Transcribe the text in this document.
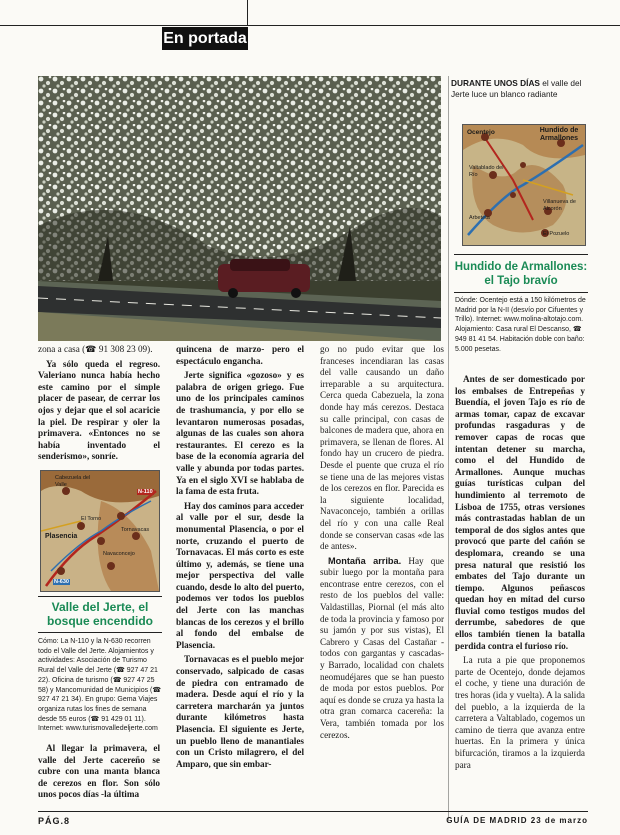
En portada
DURANTE UNOS DÍAS el valle del Jerte luce un blanco radiante
Ocentejo	Hundido de Armallones
Valtablado del Río
Arbeteta
Villanueva de Alcorón
El Pozuelo
Hundido de Armallones:
el Tajo bravío
Dónde: Ocentejo está a 150 kilómetros de Madrid por la N-II (desvío por Cifuentes y Trillo). Internet: www.molina-altotajo.com. Alojamiento: Casa rural El Descanso, ☎ 949 81 41 54. Habitación doble con baño: 5.000 pesetas.

zona a casa (☎ 91 308 23 09).

Ya sólo queda el regreso. Valeriano nunca había hecho este camino por el simple placer de pasear, de cerrar los ojos y dejar que el sol acaricie la piel. De respirar y oler la primavera. «Entonces no se había inventado el senderismo», sonríe.

Cabezuela del Valle
El Torno
Plasencia
Navaconcejo
Tornavacas
N-110
N-630
Valle del Jerte, el
bosque encendido
Cómo: La N-110 y la N-630 recorren todo el Valle del Jerte. Alojamientos y actividades: Asociación de Turismo Rural del Valle del Jerte (☎ 927 47 21 22). Oficina de turismo (☎ 927 47 25 58) y Mancomunidad de Municipios (☎ 927 47 21 34). En grupo: Gema Viajes organiza rutas los fines de semana desde 55 euros (☎ 91 429 01 11). Internet: www.turismovalledeljerte.com

Al llegar la primavera, el valle del Jerte cacereño se cubre con una manta blanca de cerezos en flor. Son sólo unos pocos días -la última

quincena de marzo- pero el espectáculo engancha.

Jerte significa «gozoso» y es palabra de origen griego. Fue uno de los principales caminos de trashumancia, y por ello se levantaron numerosas posadas, algunas de las cuales son ahora restaurantes. El cerezo es la base de la economía agraria del valle y abunda por todas partes. Ya en el siglo XVI se hablaba de la fama de esta fruta.

Hay dos caminos para acceder al valle por el sur, desde la monumental Plasencia, o por el norte, cruzando el puerto de Tornavacas. El más corto es este último y, además, se tiene una mejor perspectiva del valle cuando, desde lo alto del puerto, podemos ver todos los pueblos del Jerte con las manchas blancas de los cerezos y el brillo al fondo del embalse de Plasencia.

Tornavacas es el pueblo mejor conservado, salpicado de casas de piedra con entramado de madera. Desde aquí el río y la carretera marcharán ya juntos durante kilómetros hasta Plasencia. El siguiente es Jerte, un pueblo lleno de manantiales con un Cristo milagrero, el del Amparo, que sin embar-

go no pudo evitar que los franceses incendiaran las casas del valle causando un daño irreparable a su arquitectura. Cerca queda Cabezuela, la zona donde hay más cerezos. Destaca su calle principal, con casas de balcones de madera que, ahora en primavera, se llenan de flores. Al fondo hay un crucero de piedra. Desde el puente que cruza el río se tiene una de las mejores vistas de los cerezos en flor. Parecida es la siguiente localidad, Navaconcejo, también a orillas del río y con una calle Real donde se conservan casas «de las de antes».

Montaña arriba. Hay que subir luego por la montaña para encontrase entre cerezos, con el resto de los pueblos del valle: Valdastillas, Piornal (el más alto de toda la provincia y famoso por su jamón y por sus vistas), El Cabrero y Casas del Castañar -todos con gargantas y cascadas- y Barrado, localidad con chalets neomudéjares que se han puesto de moda por estos pueblos. Por aquí es donde se cruza ya hasta la otra gran comarca cacereña: la Vera, también tomada por los cerezos.

Antes de ser domesticado por los embalses de Entrepeñas y Buendía, el joven Tajo es río de armas tomar, capaz de excavar profundas rasgaduras y de remover capas de rocas que intentan detener su marcha, como el del Hundido de Armallones. Aunque muchas guías turísticas culpan del hundimiento al terremoto de Lisboa de 1755, otras versiones más contrastadas hablan de un temporal de dos siglos antes que provocó que parte del cañón se desplomara, creando se una presa natural que resistió los embates del Tajo durante un tiempo. Algunos peñascos quedan hoy en mitad del curso fluvial como testigos mudos del derrumbe, sabedores de que ellos también tienen la batalla perdida contra el furioso río.

La ruta a pie que proponemos parte de Ocentejo, donde dejamos el coche, y tiene una duración de tres horas (ida y vuelta). A la salida del pueblo, a la izquierda de la carretera a Valtablado, cogemos un camino de tierra que avanza entre huertas. En la primera y única bifurcación, tiramos a la izquierda para

PÁG.8	GUÍA DE MADRID 23 de marzo
